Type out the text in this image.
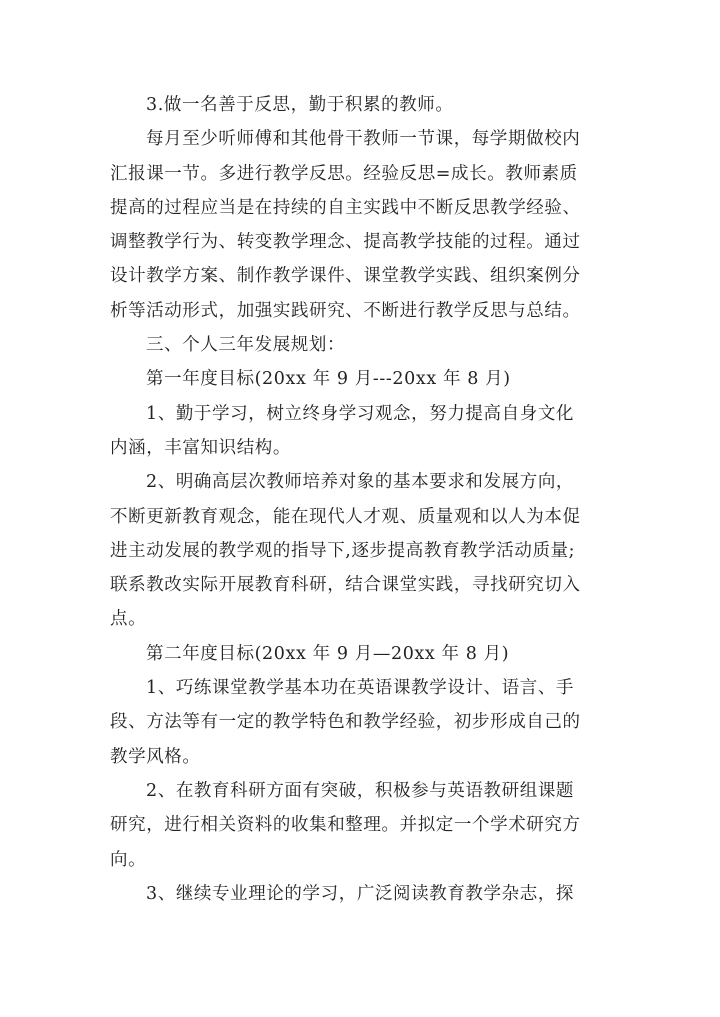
3.做一名善于反思，勤于积累的教师。
每月至少听师傅和其他骨干教师一节课，每学期做校内
汇报课一节。多进行教学反思。经验反思=成长。教师素质
提高的过程应当是在持续的自主实践中不断反思教学经验、
调整教学行为、转变教学理念、提高教学技能的过程。通过
设计教学方案、制作教学课件、课堂教学实践、组织案例分
析等活动形式，加强实践研究、不断进行教学反思与总结。
三、个人三年发展规划：
第一年度目标(20xx 年 9 月---20xx 年 8 月)
1、勤于学习，树立终身学习观念，努力提高自身文化
内涵，丰富知识结构。
2、明确高层次教师培养对象的基本要求和发展方向，
不断更新教育观念，能在现代人才观、质量观和以人为本促
进主动发展的教学观的指导下,逐步提高教育教学活动质量;
联系教改实际开展教育科研，结合课堂实践，寻找研究切入
点。
第二年度目标(20xx 年 9 月—20xx 年 8 月)
1、巧练课堂教学基本功在英语课教学设计、语言、手
段、方法等有一定的教学特色和教学经验，初步形成自己的
教学风格。
2、在教育科研方面有突破，积极参与英语教研组课题
研究，进行相关资料的收集和整理。并拟定一个学术研究方
向。
3、继续专业理论的学习，广泛阅读教育教学杂志，探
